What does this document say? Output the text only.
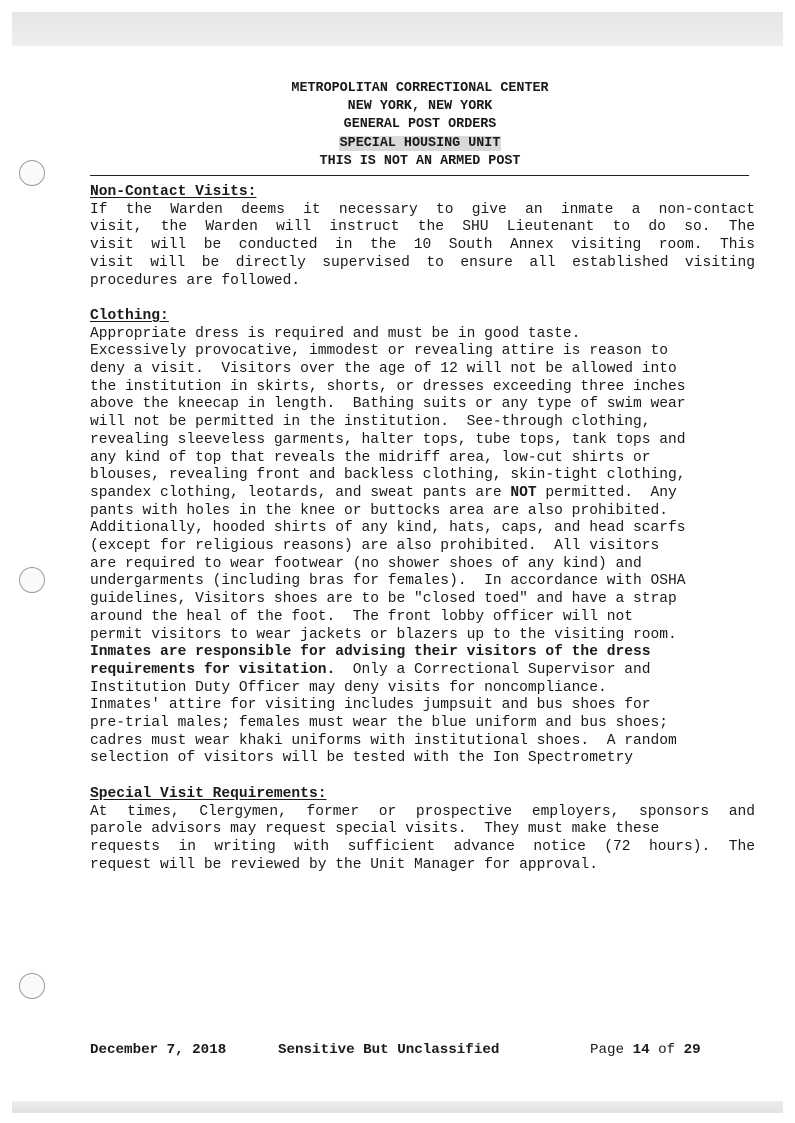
METROPOLITAN CORRECTIONAL CENTER
NEW YORK, NEW YORK
GENERAL POST ORDERS
SPECIAL HOUSING UNIT
THIS IS NOT AN ARMED POST
Non-Contact Visits:
If the Warden deems it necessary to give an inmate a non-contact
visit, the Warden will instruct the SHU Lieutenant to do so. The
visit will be conducted in the 10 South Annex visiting room. This
visit will be directly supervised to ensure all established visiting
procedures are followed.
Clothing:
Appropriate dress is required and must be in good taste.
Excessively provocative, immodest or revealing attire is reason to
deny a visit.  Visitors over the age of 12 will not be allowed into
the institution in skirts, shorts, or dresses exceeding three inches
above the kneecap in length.  Bathing suits or any type of swim wear
will not be permitted in the institution.  See-through clothing,
revealing sleeveless garments, halter tops, tube tops, tank tops and
any kind of top that reveals the midriff area, low-cut shirts or
blouses, revealing front and backless clothing, skin-tight clothing,
spandex clothing, leotards, and sweat pants are NOT permitted.  Any
pants with holes in the knee or buttocks area are also prohibited.
Additionally, hooded shirts of any kind, hats, caps, and head scarfs
(except for religious reasons) are also prohibited.  All visitors
are required to wear footwear (no shower shoes of any kind) and
undergarments (including bras for females).  In accordance with OSHA
guidelines, Visitors shoes are to be "closed toed" and have a strap
around the heal of the foot.  The front lobby officer will not
permit visitors to wear jackets or blazers up to the visiting room.
Inmates are responsible for advising their visitors of the dress
requirements for visitation.  Only a Correctional Supervisor and
Institution Duty Officer may deny visits for noncompliance.
Inmates' attire for visiting includes jumpsuit and bus shoes for
pre-trial males; females must wear the blue uniform and bus shoes;
cadres must wear khaki uniforms with institutional shoes.  A random
selection of visitors will be tested with the Ion Spectrometry
Special Visit Requirements:
At times, Clergymen, former or prospective employers, sponsors and
parole advisors may request special visits.  They must make these
requests in writing with sufficient advance notice (72 hours). The
request will be reviewed by the Unit Manager for approval.
December 7, 2018	Sensitive But Unclassified	Page 14 of 29
